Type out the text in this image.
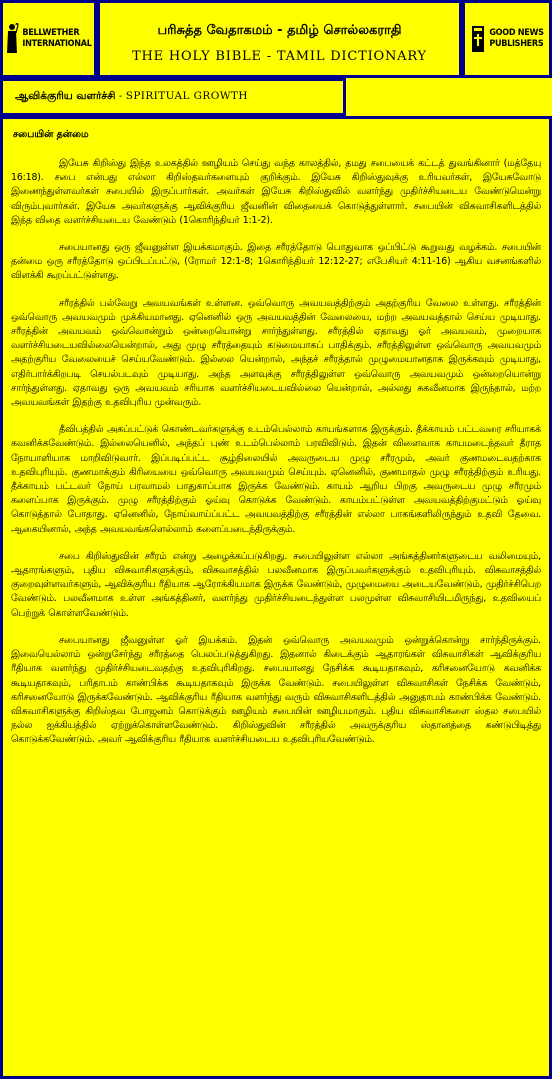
BELLWETHER
INTERNATIONAL
பரிசுத்த வேதாகமம் - தமிழ் சொல்லகராதி
THE HOLY BIBLE - TAMIL DICTIONARY
GOOD NEWS
PUBLISHERS
ஆவிக்குரிய வளர்ச்சி - SPIRITUAL GROWTH
சபையின் தன்மை

இயேசு கிறிஸ்து இந்த உலகத்தில் ஊழியம் செய்து வந்த காலத்தில், தமது சபையைக் கட்டத் துவங்கினார் (மத்தேயு 16:18). சபை என்பது எல்லா கிறிஸ்தவர்களையும் குறிக்கும். இயேசு கிறிஸ்துவுக்கு உரியவர்கள், இயேசுவோடு இணைந்துள்ளவர்கள் சபையில் இருப்பார்கள். அவர்கள் இயேசு கிறிஸ்துவில் வளர்ந்து முதிர்ச்சியடைய வேண்டுமென்று விரும்புவார்கள். இயேசு அவர்களுக்கு ஆவிக்குரிய ஜீவனின் விதையைக் கொடுத்துள்ளார். சபையின் விசுவாசிகளிடத்தில் இந்த விதை வளர்ச்சியடைய வேண்டும் (1கொரிந்தியர் 1:1-2).

சபையானது ஒரு ஜீவனுள்ள இயக்கமாகும். இதை சரீரத்தோடு பொதுவாக ஒப்பிட்டு கூறுவது வழக்கம். சபையின் தன்மை ஒரு சரீரத்தோடு ஒப்பிடப்பட்டு, (ரோமர் 12:1-8; 1கொரிந்தியர் 12:12-27; எபேசியர் 4:11-16) ஆகிய வசனங்களில் விளக்கி கூறப்பட்டுள்ளது.

சரீரத்தில் பல்வேறு அவயவங்கள் உள்ளன. ஒவ்வொரு அவயவத்திற்கும் அதற்குரிய வேலை உள்ளது. சரீரத்தின் ஒவ்வொரு அவயவமும் முக்கியமானது. ஏனெனில் ஒரு அவயவத்தின் வேலையை, மற்ற அவயவத்தால் செய்ய முடியாது. சரீரத்தின் அவயவம் ஒவ்வொன்றும் ஒன்றையொன்று சார்ந்துள்ளது. சரீரத்தில் ஏதாவது ஓர் அவயவம், முறையாக வளர்ச்சியடையவில்லையென்றால், அது முழு சரீரத்தையும் கடுமையாகப் பாதிக்கும். சரீரத்திலுள்ள ஒவ்வொரு அவயவமும் அதற்குரிய வேலையைச் செய்யவேண்டும். இல்லை யென்றால், அந்தச் சரீரத்தால் முழுமையானதாக இருக்கவும் முடியாது, எதிர்பார்க்கிறபடி செயல்படவும் முடியாது. அந்த அளவுக்கு சரீரத்திலுள்ள ஒவ்வொரு அவயவமும் ஒன்றையொன்று சார்ந்துள்ளது. ஏதாவது ஒரு அவயவம் சரியாக வளர்ச்சியடையவில்லை யென்றால், அல்லது சுகவீனமாக இருந்தால், மற்ற அவயவங்கள் இதற்கு உதவிபுரிய முன்வரும்.

தீவிபத்தில் அகப்பட்டுக் கொண்டவர்களுக்கு உடம்பெல்லாம் காயங்களாக இருக்கும். தீக்காயம் பட்டவரை சரியாகக் கவனிக்கவேண்டும். இல்லையெனில், அந்தப் புண் உடம்பெல்லாம் பரவிவிடும். இதன் விளைவாக காயமடைந்தவர் தீராத நோயாளியாக மாறிவிடுவார். இப்படிப்பட்ட சூழ்நிலையில் அவருடைய முழு சரீரமும், அவர் குணமடைவதற்காக உதவிபுரியும். குணமாக்கும் கிரியையை ஒவ்வொரு அவயவமும் செய்யும். ஏனெனில், குணமாதல் முழு சரீரத்திற்கும் உரியது. தீக்காயம் பட்டவர் நோய் பரவாமல் பாதுகாப்பாக இருக்க வேண்டும். காயம் ஆறிய பிறகு அவருடைய முழு சரீரமும் களைப்பாக இருக்கும். முழு சரீரத்திற்கும் ஓய்வு கொடுக்க வேண்டும். காயம்பட்டுள்ள அவயவத்திற்குமட்டும் ஓய்வு கொடுத்தால் போதாது. ஏனெனில், நோய்வாய்ப்பட்ட அவயவத்திற்கு சரீரத்தின் எல்லா பாகங்களிலிருந்தும் உதவி தேவை. ஆகையினால், அந்த அவயவங்களெல்லாம் களைப்படைந்திருக்கும்.

சபை கிறிஸ்துவின் சரீரம் என்று அழைக்கப்படுகிறது. சபையிலுள்ள எல்லா அங்கத்தினர்களுடைய வலிமையும், ஆதாரங்களும், புதிய விசுவாசிகளுக்கும், விசுவாசத்தில் பலவீனமாக இருப்பவர்களுக்கும் உதவிபுரியும். விசுவாசத்தில் குறைவுள்ளவர்களும், ஆவிக்குரிய ரீதியாக ஆரோக்கியமாக இருக்க வேண்டும், முழுமையை அடையவேண்டும், முதிர்ச்சிபெற வேண்டும். பலவீனமாக உள்ள அங்கத்தினர், வளர்ந்து முதிர்ச்சியடைந்துள்ள பலமுள்ள விசுவாசியிடமிருந்து, உதவியைப் பெற்றுக் கொள்ளவேண்டும்.

சபையானது ஜீவனுள்ள ஓர் இயக்கம். இதன் ஒவ்வொரு அவயவமும் ஒன்றுக்கொன்று சார்ந்திருக்கும். இவையெல்லாம் ஒன்றுசேர்ந்து சரீரத்தை பெலப்படுத்துகிறது. இதனால் கிடைக்கும் ஆதாரங்கள் விசுவாசிகள் ஆவிக்குரிய ரீதியாக வளர்ந்து முதிர்ச்சியடைவதற்கு உதவிபுரிகிறது. சபையானது நேசிக்க கூடியதாகவும், கரிசனையோடு கவனிக்க கூடியதாகவும், பரிதாபம் காண்பிக்க கூடியதாகவும் இருக்க வேண்டும். சபையிலுள்ள விசுவாசிகள் நேசிக்க வேண்டும், கரிசனையோடு இருக்கவேண்டும். ஆவிக்குரிய ரீதியாக வளர்ந்து வரும் விசுவாசிகளிடத்தில் அனுதாபம் காண்பிக்க வேண்டும். விசுவாசிகளுக்கு கிறிஸ்தவ போஜனம் கொடுக்கும் ஊழியம் சபையின் ஊழியமாகும். புதிய விசுவாசிகளை ஸ்தல சபையில் நல்ல ஐக்கியத்தில் ஏற்றுக்கொள்ளவேண்டும். கிறிஸ்துவின் சரீரத்தில் அவருக்குரிய ஸ்தானத்தை கண்டுபிடித்து கொடுக்கவேண்டும். அவர் ஆவிக்குரிய ரீதியாக வளர்ச்சியடைய உதவிபுரியவேண்டும்.
